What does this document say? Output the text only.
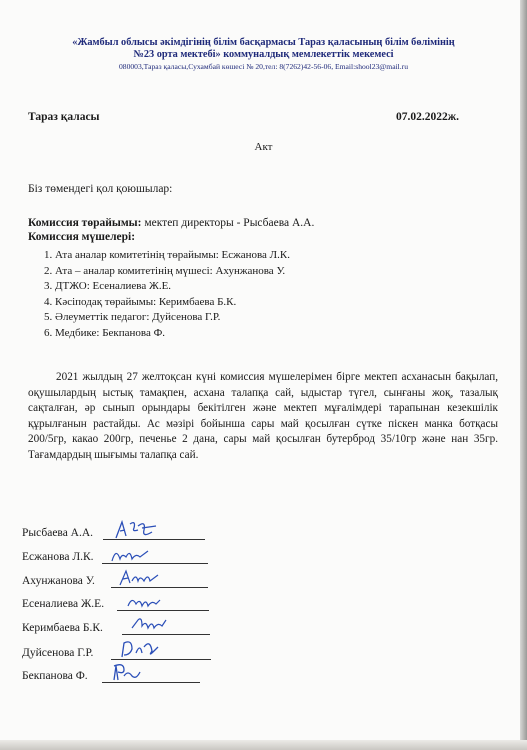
«Жамбыл облысы әкімдігінің білім басқармасы Тараз қаласының білім бөлімінің
№23 орта мектебі» коммуналдық мемлекеттік мекемесі
080003,Тараз қаласы,Сухамбай көшесі № 20,тел: 8(7262)42-56-06, Email:shool23@mail.ru
Тараз қаласы	07.02.2022ж.
Акт
Біз төмендегі қол қоюшылар:
Комиссия төрайымы: мектеп директоры - Рысбаева А.А.
Комиссия мүшелері:
1. Ата аналар комитетінің төрайымы: Есжанова Л.К.
2. Ата – аналар комитетінің мүшесі: Ахунжанова У.
3. ДТЖО: Есеналиева Ж.Е.
4. Кәсіподақ төрайымы: Керимбаева Б.К.
5. Әлеуметтік педагог: Дуйсенова Г.Р.
6. Медбике: Бекпанова Ф.
2021 жылдың 27 желтоқсан күні комиссия мүшелерімен бірге мектеп асханасын бақылап, оқушылардың ыстық тамақпен, асхана талапқа сай, ыдыстар түгел, сынғаны жоқ, тазалық сақталған, әр сынып орындары бекітілген және мектеп мұғалімдері тарапынан кезекшілік құрылғанын растайды. Ас мәзірі бойынша сары май қосылған сүтке піскен манка ботқасы 200/5гр, какао 200гр, печенье 2 дана, сары май қосылған бутерброд 35/10гр және нан 35гр. Тағамдардың шығымы талапқа сай.
Рысбаева А.А.
Есжанова Л.К.
Ахунжанова У.
Есеналиева Ж.Е.
Керимбаева Б.К.
Дуйсенова Г.Р.
Бекпанова Ф.
